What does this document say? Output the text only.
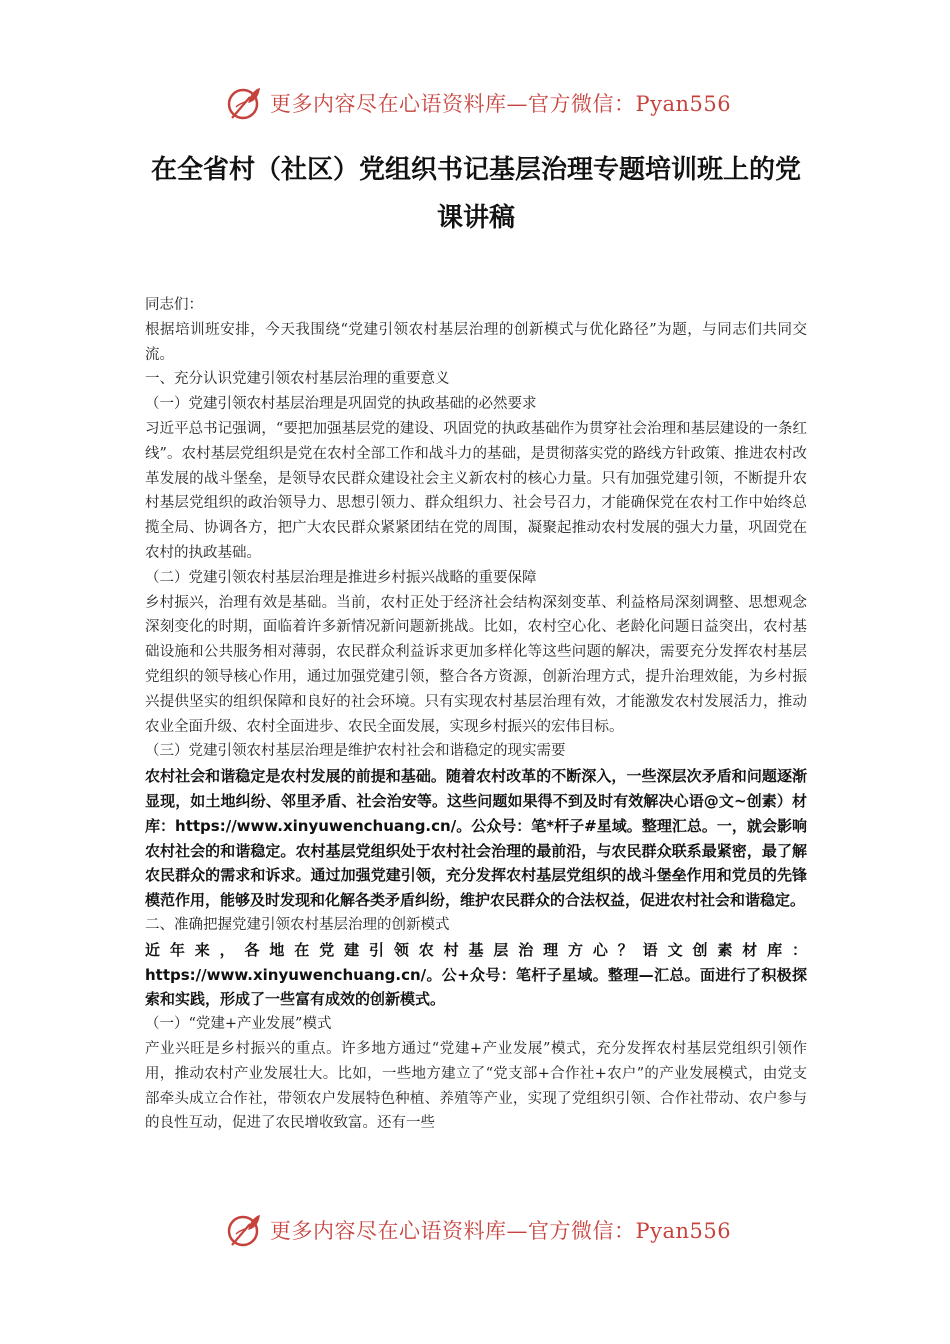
更多内容尽在心语资料库—官方微信：Pyan556
在全省村（社区）党组织书记基层治理专题培训班上的党课讲稿

同志们：

根据培训班安排，今天我围绕“党建引领农村基层治理的创新模式与优化路径”为题，与同志们共同交流。

一、充分认识党建引领农村基层治理的重要意义

（一）党建引领农村基层治理是巩固党的执政基础的必然要求

习近平总书记强调，“要把加强基层党的建设、巩固党的执政基础作为贯穿社会治理和基层建设的一条红线”。农村基层党组织是党在农村全部工作和战斗力的基础，是贯彻落实党的路线方针政策、推进农村改革发展的战斗堡垒，是领导农民群众建设社会主义新农村的核心力量。只有加强党建引领，不断提升农村基层党组织的政治领导力、思想引领力、群众组织力、社会号召力，才能确保党在农村工作中始终总揽全局、协调各方，把广大农民群众紧紧团结在党的周围，凝聚起推动农村发展的强大力量，巩固党在农村的执政基础。

（二）党建引领农村基层治理是推进乡村振兴战略的重要保障

乡村振兴，治理有效是基础。当前，农村正处于经济社会结构深刻变革、利益格局深刻调整、思想观念深刻变化的时期，面临着许多新情况新问题新挑战。比如，农村空心化、老龄化问题日益突出，农村基础设施和公共服务相对薄弱，农民群众利益诉求更加多样化等这些问题的解决，需要充分发挥农村基层党组织的领导核心作用，通过加强党建引领，整合各方资源，创新治理方式，提升治理效能，为乡村振兴提供坚实的组织保障和良好的社会环境。只有实现农村基层治理有效，才能激发农村发展活力，推动农业全面升级、农村全面进步、农民全面发展，实现乡村振兴的宏伟目标。

（三）党建引领农村基层治理是维护农村社会和谐稳定的现实需要

农村社会和谐稳定是农村发展的前提和基础。随着农村改革的不断深入，一些深层次矛盾和问题逐渐显现，如土地纠纷、邻里矛盾、社会治安等。这些问题如果得不到及时有效解决心语@文~创素）材库：https://www.xinyuwenchuang.cn/。公众号：笔*杆子#星域。整理汇总。一，就会影响农村社会的和谐稳定。农村基层党组织处于农村社会治理的最前沿，与农民群众联系最紧密，最了解农民群众的需求和诉求。通过加强党建引领，充分发挥农村基层党组织的战斗堡垒作用和党员的先锋模范作用，能够及时发现和化解各类矛盾纠纷，维护农民群众的合法权益，促进农村社会和谐稳定。

二、准确把握党建引领农村基层治理的创新模式

近年来，各地在党建引领农村基层治理方心？语文创素材库：https://www.xinyuwenchuang.cn/。公+众号：笔杆子星域。整理—汇总。面进行了积极探索和实践，形成了一些富有成效的创新模式。

（一）“党建+产业发展”模式

产业兴旺是乡村振兴的重点。许多地方通过“党建+产业发展”模式，充分发挥农村基层党组织引领作用，推动农村产业发展壮大。比如，一些地方建立了“党支部+合作社+农户”的产业发展模式，由党支部牵头成立合作社，带领农户发展特色种植、养殖等产业，实现了党组织引领、合作社带动、农户参与的良性互动，促进了农民增收致富。还有一些

更多内容尽在心语资料库—官方微信：Pyan556
